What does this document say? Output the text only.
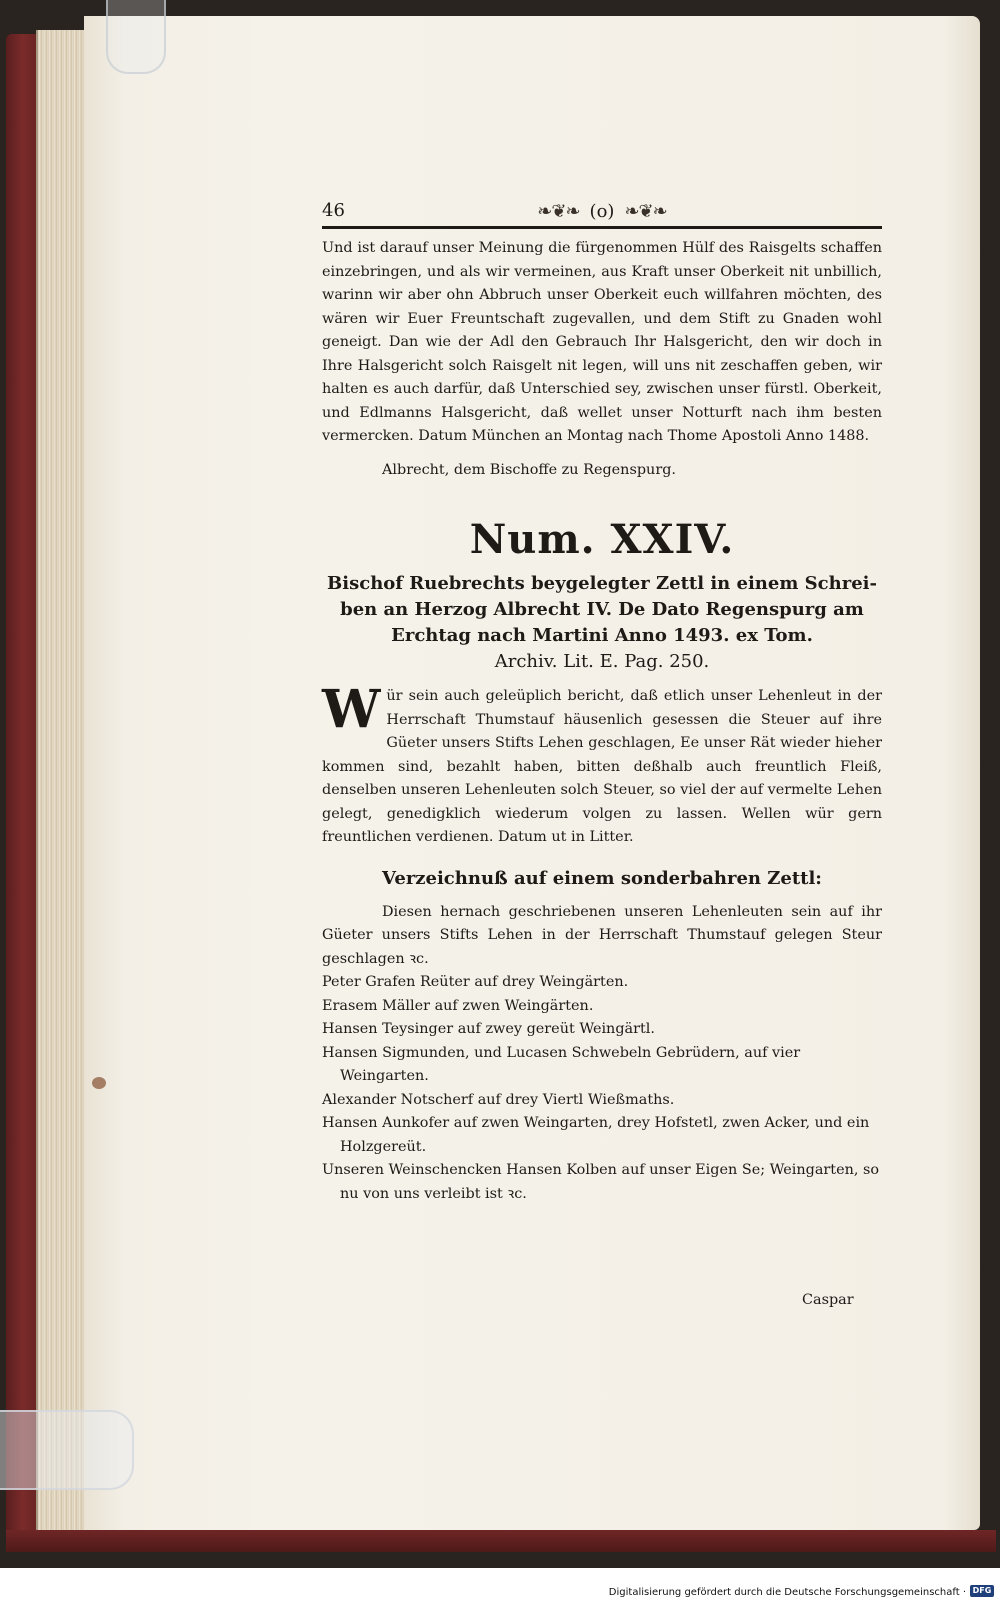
46	❧❦❧ (o) ❧❦❧

Und ist darauf unser Meinung die fürgenommen Hülf des Raisgelts schaffen einzebringen, und als wir vermeinen, aus Kraft unser Oberkeit nit unbillich, warinn wir aber ohn Abbruch unser Oberkeit euch willfahren möchten, des wären wir Euer Freuntschaft zugevallen, und dem Stift zu Gnaden wohl geneigt. Dan wie der Adl den Gebrauch Ihr Halsgericht, den wir doch in Ihre Halsgericht solch Raisgelt nit legen, will uns nit zeschaffen geben, wir halten es auch darfür, daß Unterschied sey, zwischen unser fürstl. Oberkeit, und Edlmanns Halsgericht, daß wellet unser Notturft nach ihm besten vermercken. Datum München an Montag nach Thome Apostoli Anno 1488.

Albrecht, dem Bischoffe zu Regenspurg.
Num. XXIV.

Bischof Ruebrechts beygelegter Zettl in einem Schrei-
ben an Herzog Albrecht IV. De Dato Regenspurg am
Erchtag nach Martini Anno 1493. ex Tom.
Archiv. Lit. E. Pag. 250.

W ür sein auch geleüplich bericht, daß etlich unser Lehenleut in der Herrschaft Thumstauf häusenlich gesessen die Steuer auf ihre Güeter unsers Stifts Lehen geschlagen, Ee unser Rät wieder hieher kommen sind, bezahlt haben, bitten deßhalb auch freuntlich Fleiß, denselben unseren Lehenleuten solch Steuer, so viel der auf vermelte Lehen gelegt, genedigklich wiederum volgen zu lassen. Wellen wür gern freuntlichen verdienen. Datum ut in Litter.

Verzeichnuß auf einem sonderbahren Zettl:

Diesen hernach geschriebenen unseren Lehenleuten sein auf ihr Güeter unsers Stifts Lehen in der Herrschaft Thumstauf gelegen Steur geschlagen ꝛc.

Peter Grafen Reüter auf drey Weingärten.
Erasem Mäller auf zwen Weingärten.
Hansen Teysinger auf zwey gereüt Weingärtl.
Hansen Sigmunden, und Lucasen Schwebeln Gebrüdern, auf vier Weingarten.
Alexander Notscherf auf drey Viertl Wießmaths.
Hansen Aunkofer auf zwen Weingarten, drey Hofstetl, zwen Acker, und ein Holzgereüt.
Unseren Weinschencken Hansen Kolben auf unser Eigen Se; Weingarten, so nu von uns verleibt ist ꝛc.
Caspar
Digitalisierung gefördert durch die Deutsche Forschungsgemeinschaft · DFG
